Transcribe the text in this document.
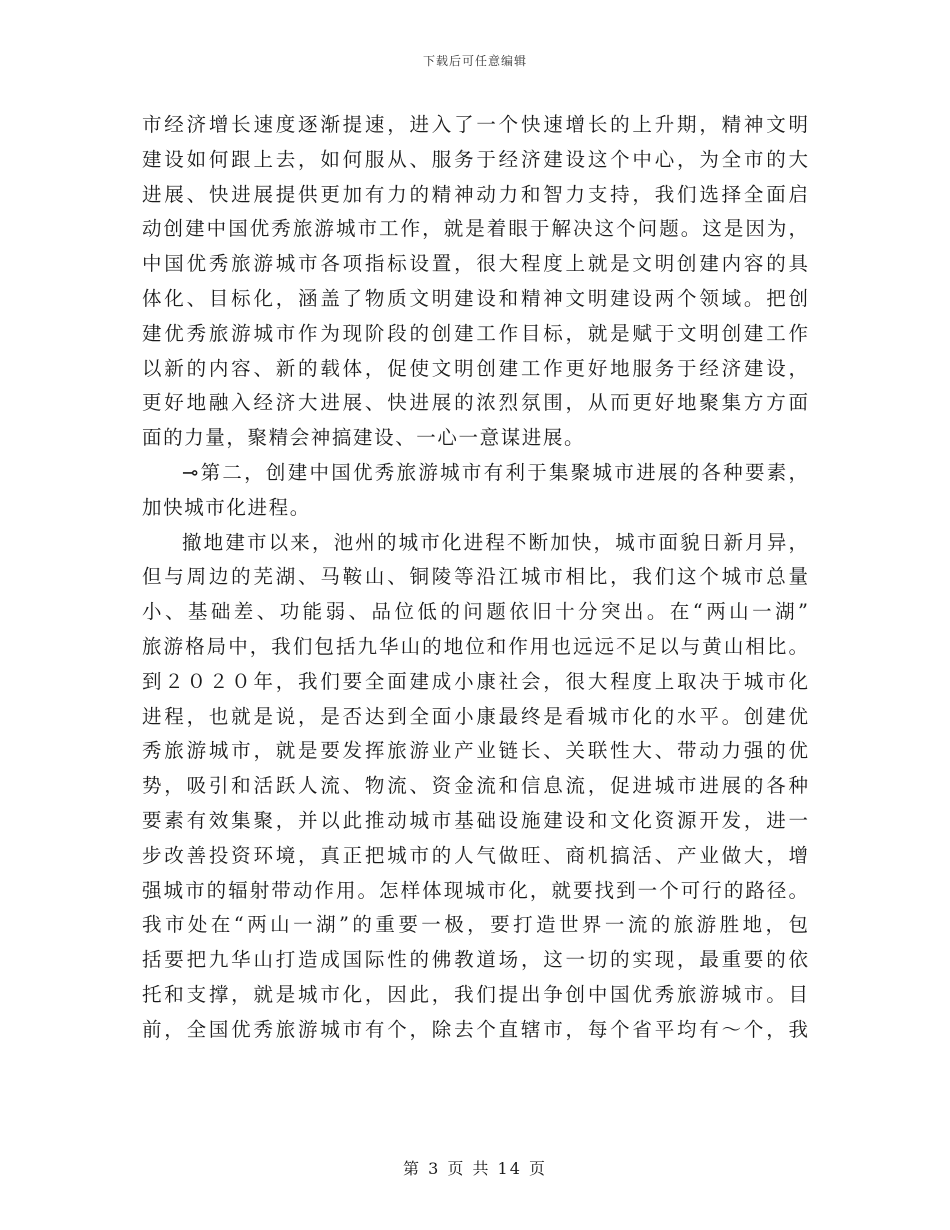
下载后可任意编辑
市经济增长速度逐渐提速，进入了一个快速增长的上升期，精神文明
建设如何跟上去，如何服从、服务于经济建设这个中心，为全市的大
进展、快进展提供更加有力的精神动力和智力支持，我们选择全面启
动创建中国优秀旅游城市工作，就是着眼于解决这个问题。这是因为，
中国优秀旅游城市各项指标设置，很大程度上就是文明创建内容的具
体化、目标化，涵盖了物质文明建设和精神文明建设两个领域。把创
建优秀旅游城市作为现阶段的创建工作目标，就是赋于文明创建工作
以新的内容、新的载体，促使文明创建工作更好地服务于经济建设，
更好地融入经济大进展、快进展的浓烈氛围，从而更好地聚集方方面
面的力量，聚精会神搞建设、一心一意谋进展。
⊸第二，创建中国优秀旅游城市有利于集聚城市进展的各种要素，
加快城市化进程。
撤地建市以来，池州的城市化进程不断加快，城市面貌日新月异，
但与周边的芜湖、马鞍山、铜陵等沿江城市相比，我们这个城市总量
小、基础差、功能弱、品位低的问题依旧十分突出。在“两山一湖”
旅游格局中，我们包括九华山的地位和作用也远远不足以与黄山相比。
到２０２０年，我们要全面建成小康社会，很大程度上取决于城市化
进程，也就是说，是否达到全面小康最终是看城市化的水平。创建优
秀旅游城市，就是要发挥旅游业产业链长、关联性大、带动力强的优
势，吸引和活跃人流、物流、资金流和信息流，促进城市进展的各种
要素有效集聚，并以此推动城市基础设施建设和文化资源开发，进一
步改善投资环境，真正把城市的人气做旺、商机搞活、产业做大，增
强城市的辐射带动作用。怎样体现城市化，就要找到一个可行的路径。
我市处在“两山一湖”的重要一极，要打造世界一流的旅游胜地，包
括要把九华山打造成国际性的佛教道场，这一切的实现，最重要的依
托和支撑，就是城市化，因此，我们提出争创中国优秀旅游城市。目
前，全国优秀旅游城市有个，除去个直辖市，每个省平均有～个，我
第 3 页 共 14 页
